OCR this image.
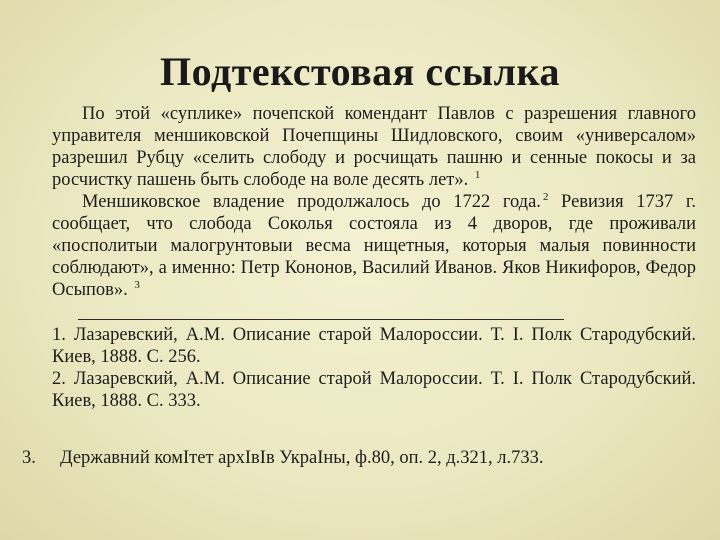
Подтекстовая ссылка

По этой «суплике» почепской комендант Павлов с разрешения главного управителя меншиковской Почепщины Шидловского, своим «универсалом» разрешил Рубцу «селить слободу и росчищать пашню и сенные покосы и за росчистку пашень быть слободе на воле десять лет». $^1$

Меншиковское владение продолжалось до 1722 года. $^2$ Ревизия 1737 г. сообщает, что слобода Соколья состояла из 4 дворов, где проживали «посполитыи малогрунтовыи весма нищетныя, которыя малыя повинности соблюдают», а именно: Петр Кононов, Василий Иванов. Яков Никифоров, Федор Осыпов». $^3$

1. Лазаревский, А.М. Описание старой Малороссии. Т. I. Полк Стародубский. Киев, 1888. С. 256.

2. Лазаревский, А.М. Описание старой Малороссии. Т. I. Полк Стародубский. Киев, 1888. С. 333.

3. Державний комІтет архІвІв УкраІны, ф.80, оп. 2, д.321, л.733.
